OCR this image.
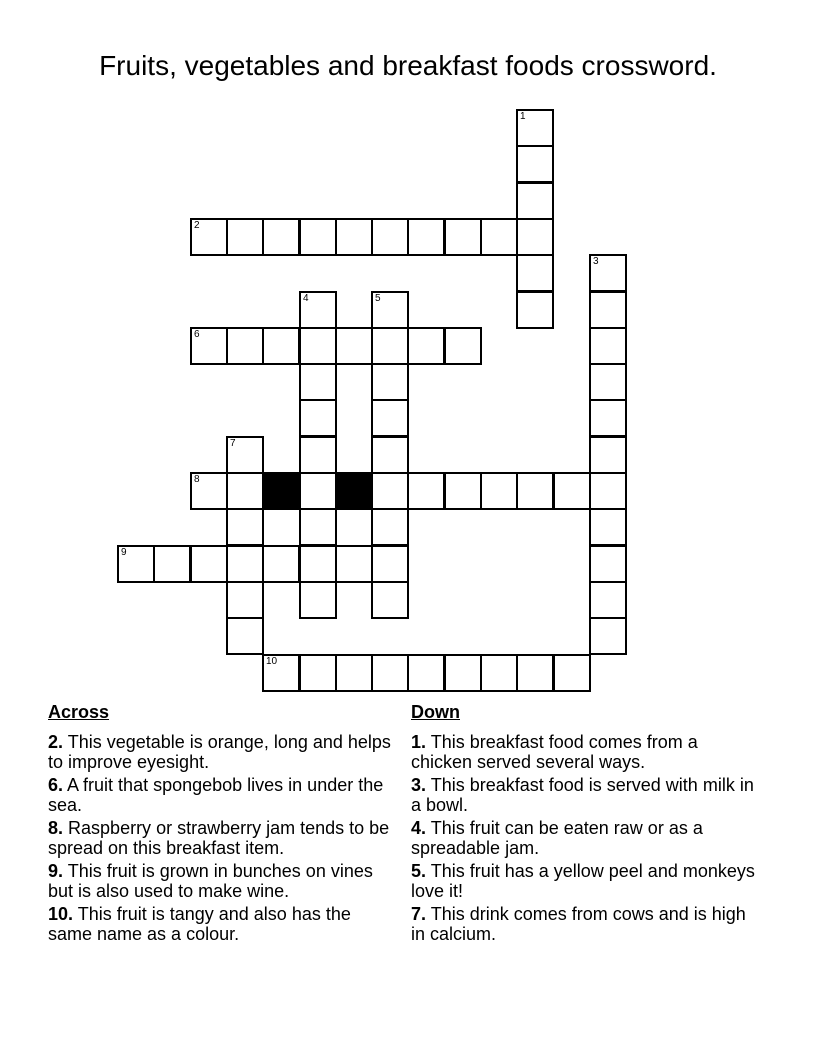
Fruits, vegetables and breakfast foods crossword.
1
2
3
4	5
6
7
8
9
10
Across
2. This vegetable is orange, long and helps to improve eyesight.
6. A fruit that spongebob lives in under the sea.
8. Raspberry or strawberry jam tends to be spread on this breakfast item.
9. This fruit is grown in bunches on vines but is also used to make wine.
10. This fruit is tangy and also has the same name as a colour.
Down
1. This breakfast food comes from a chicken served several ways.
3. This breakfast food is served with milk in a bowl.
4. This fruit can be eaten raw or as a spreadable jam.
5. This fruit has a yellow peel and monkeys love it!
7. This drink comes from cows and is high in calcium.
